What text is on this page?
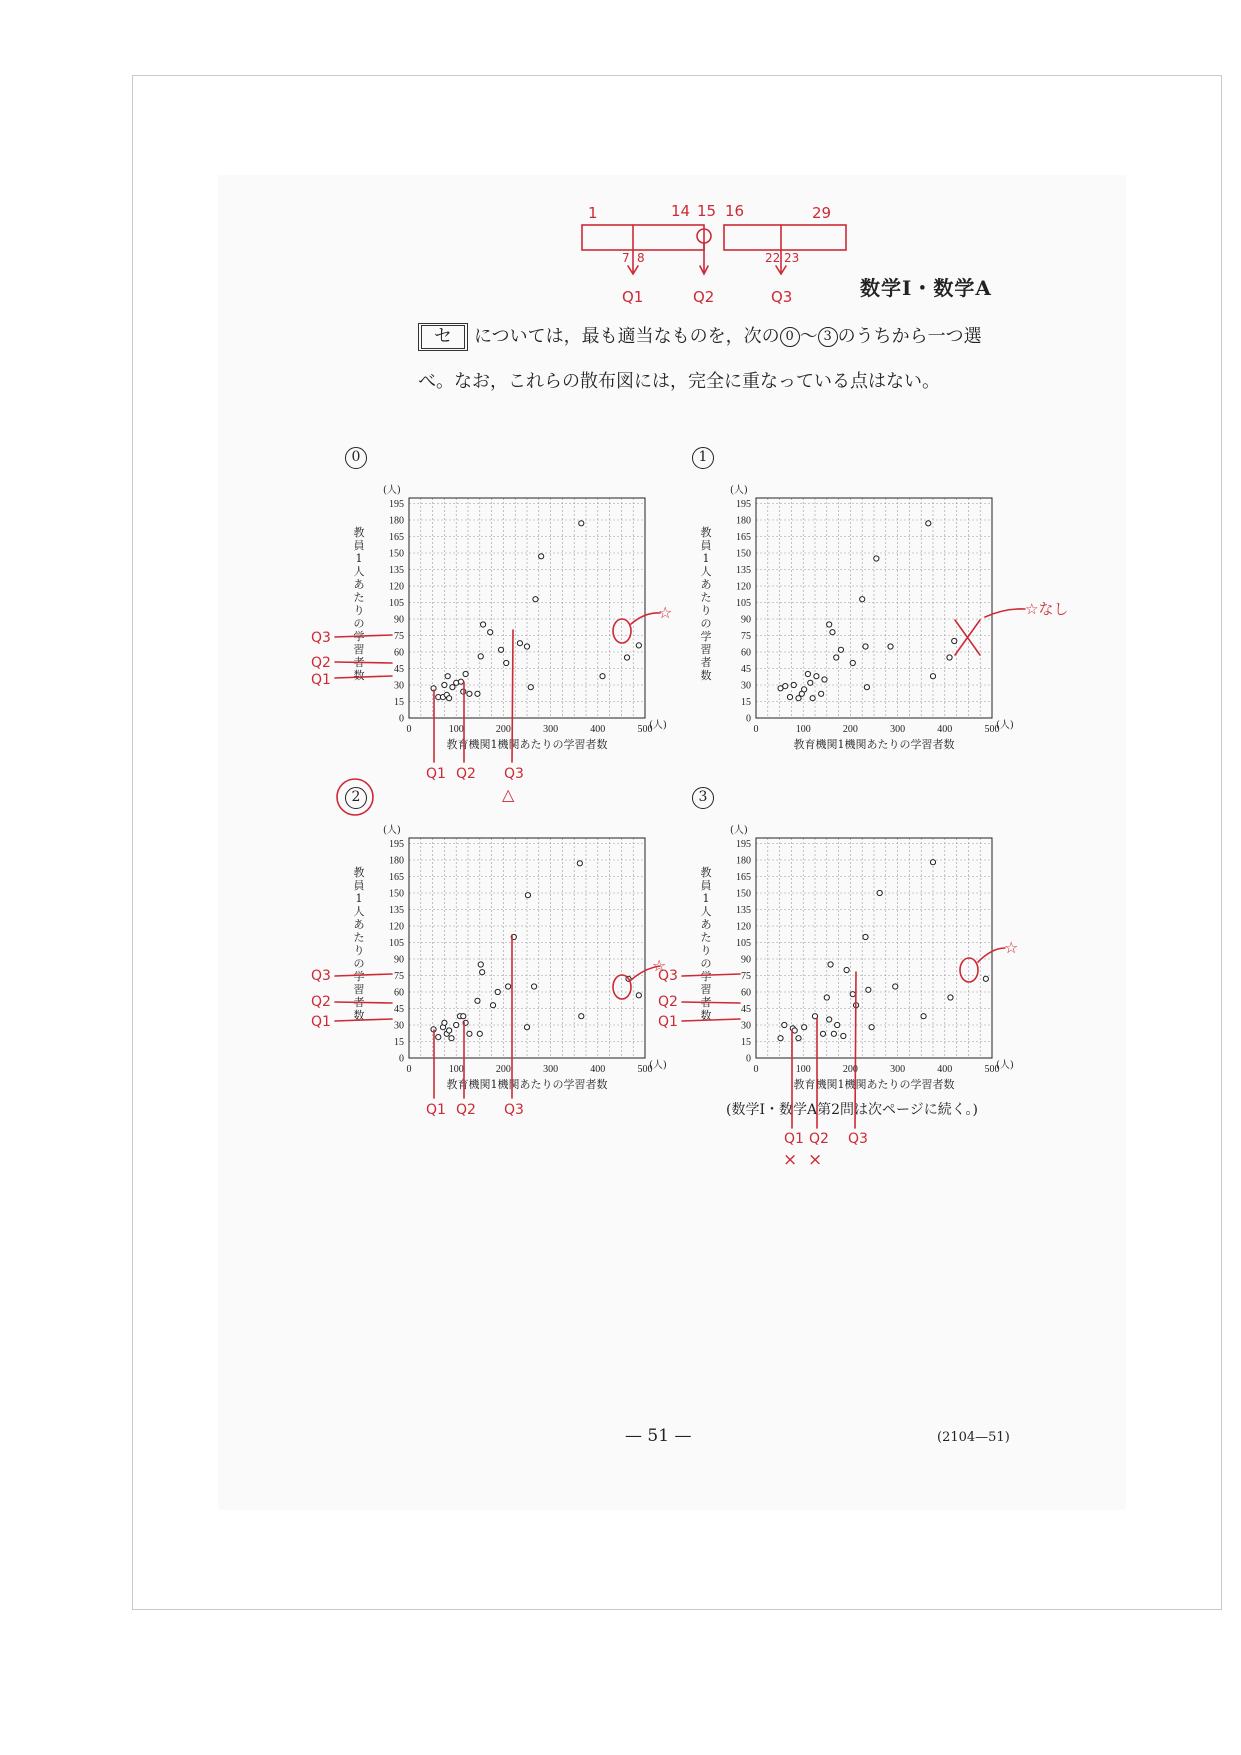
数学Ⅰ・数学A
セ については，最も適当なものを，次の 0 〜 3 のうちから一つ選
べ。なお，これらの散布図には，完全に重なっている点はない。
0	1
2	3
0
15
30
45
60
75
90
105
120
135
150
165
180
195
0	100	200	300	400	500
(人)
(人)
教育機関1機関あたりの学習者数
教
員
1
人
あ
た
り
の
学
習
者
数
0
15
30
45
60
75
90
105
120
135
150
165
180
195
0	100	200	300	400	500
(人)
(人)
教育機関1機関あたりの学習者数
教
員
1
人
あ
た
り
の
学
習
者
数
0
15
30
45
60
75
90
105
120
135
150
165
180
195
0	100	200	300	400	500
(人)
(人)
教育機関1機関あたりの学習者数
教
員
1
人
あ
た
り
の
学
習
者
数
0
15
30
45
60
75
90
105
120
135
150
165
180
195
0	100	200	300	400	500
(人)
(人)
教育機関1機関あたりの学習者数
教
員
1
人
あ
た
り
の
学
習
者
数
(数学Ⅰ・数学A第2問は次ページに続く。)
— 51 —	(2104—51)
1	14 15 16	29
7 8	22 23
Q1	Q2	Q3
Q3
Q2
Q1
Q1 Q2 Q3
△
☆	☆なし
Q3
Q2
Q1
Q1 Q2 Q3
☆
Q3
Q2
Q1
Q1 Q2 Q3
× ×
☆
